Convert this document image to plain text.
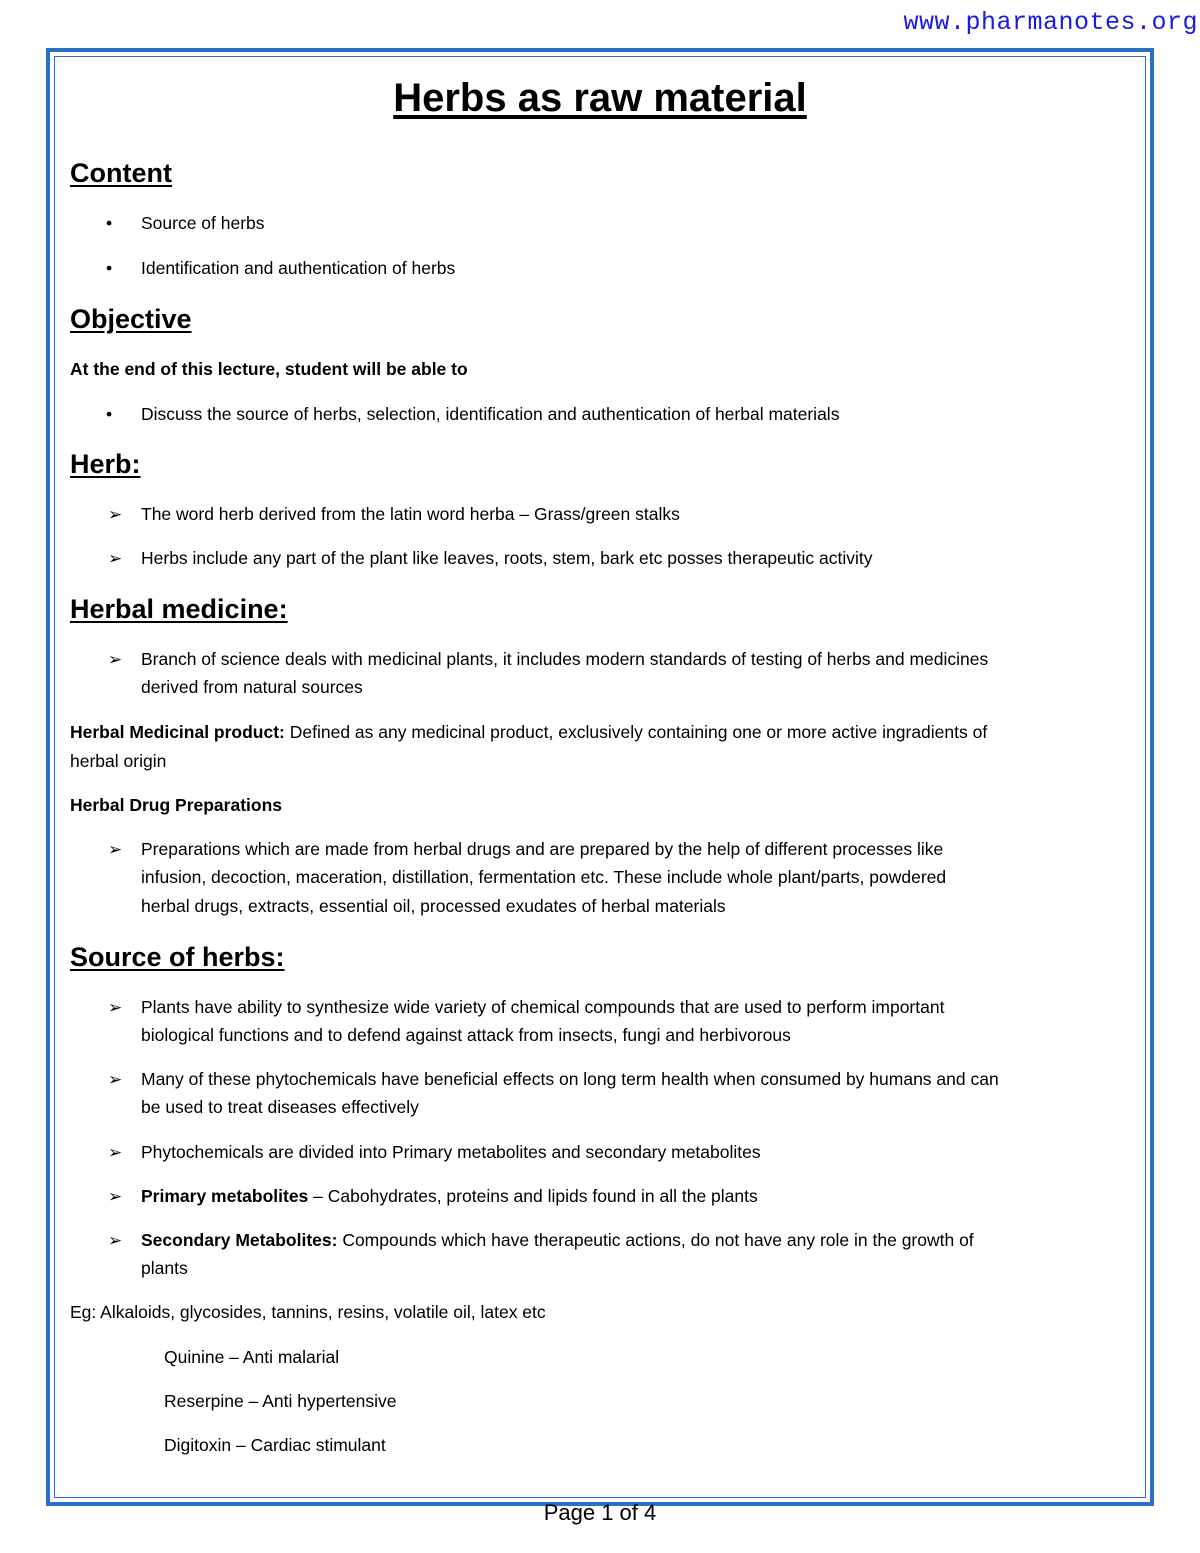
www.pharmanotes.org
Herbs as raw material
Content
• Source of herbs
• Identification and authentication of herbs
Objective
At the end of this lecture, student will be able to
• Discuss the source of herbs, selection, identification and authentication of herbal materials
Herb:
➢ The word herb derived from the latin word herba – Grass/green stalks
➢ Herbs include any part of the plant like leaves, roots, stem, bark etc posses therapeutic activity
Herbal medicine:
➢ Branch of science deals with medicinal plants, it includes modern standards of testing of herbs and medicines
derived from natural sources
Herbal Medicinal product: Defined as any medicinal product, exclusively containing one or more active ingradients of
herbal origin
Herbal Drug Preparations
➢ Preparations which are made from herbal drugs and are prepared by the help of different processes like
infusion, decoction, maceration, distillation, fermentation etc. These include whole plant/parts, powdered
herbal drugs, extracts, essential oil, processed exudates of herbal materials
Source of herbs:
➢ Plants have ability to synthesize wide variety of chemical compounds that are used to perform important
biological functions and to defend against attack from insects, fungi and herbivorous
➢ Many of these phytochemicals have beneficial effects on long term health when consumed by humans and can
be used to treat diseases effectively
➢ Phytochemicals are divided into Primary metabolites and secondary metabolites
➢ Primary metabolites – Cabohydrates, proteins and lipids found in all the plants
➢ Secondary Metabolites: Compounds which have therapeutic actions, do not have any role in the growth of
plants
Eg: Alkaloids, glycosides, tannins, resins, volatile oil, latex etc
Quinine – Anti malarial
Reserpine – Anti hypertensive
Digitoxin – Cardiac stimulant
Page 1 of 4
